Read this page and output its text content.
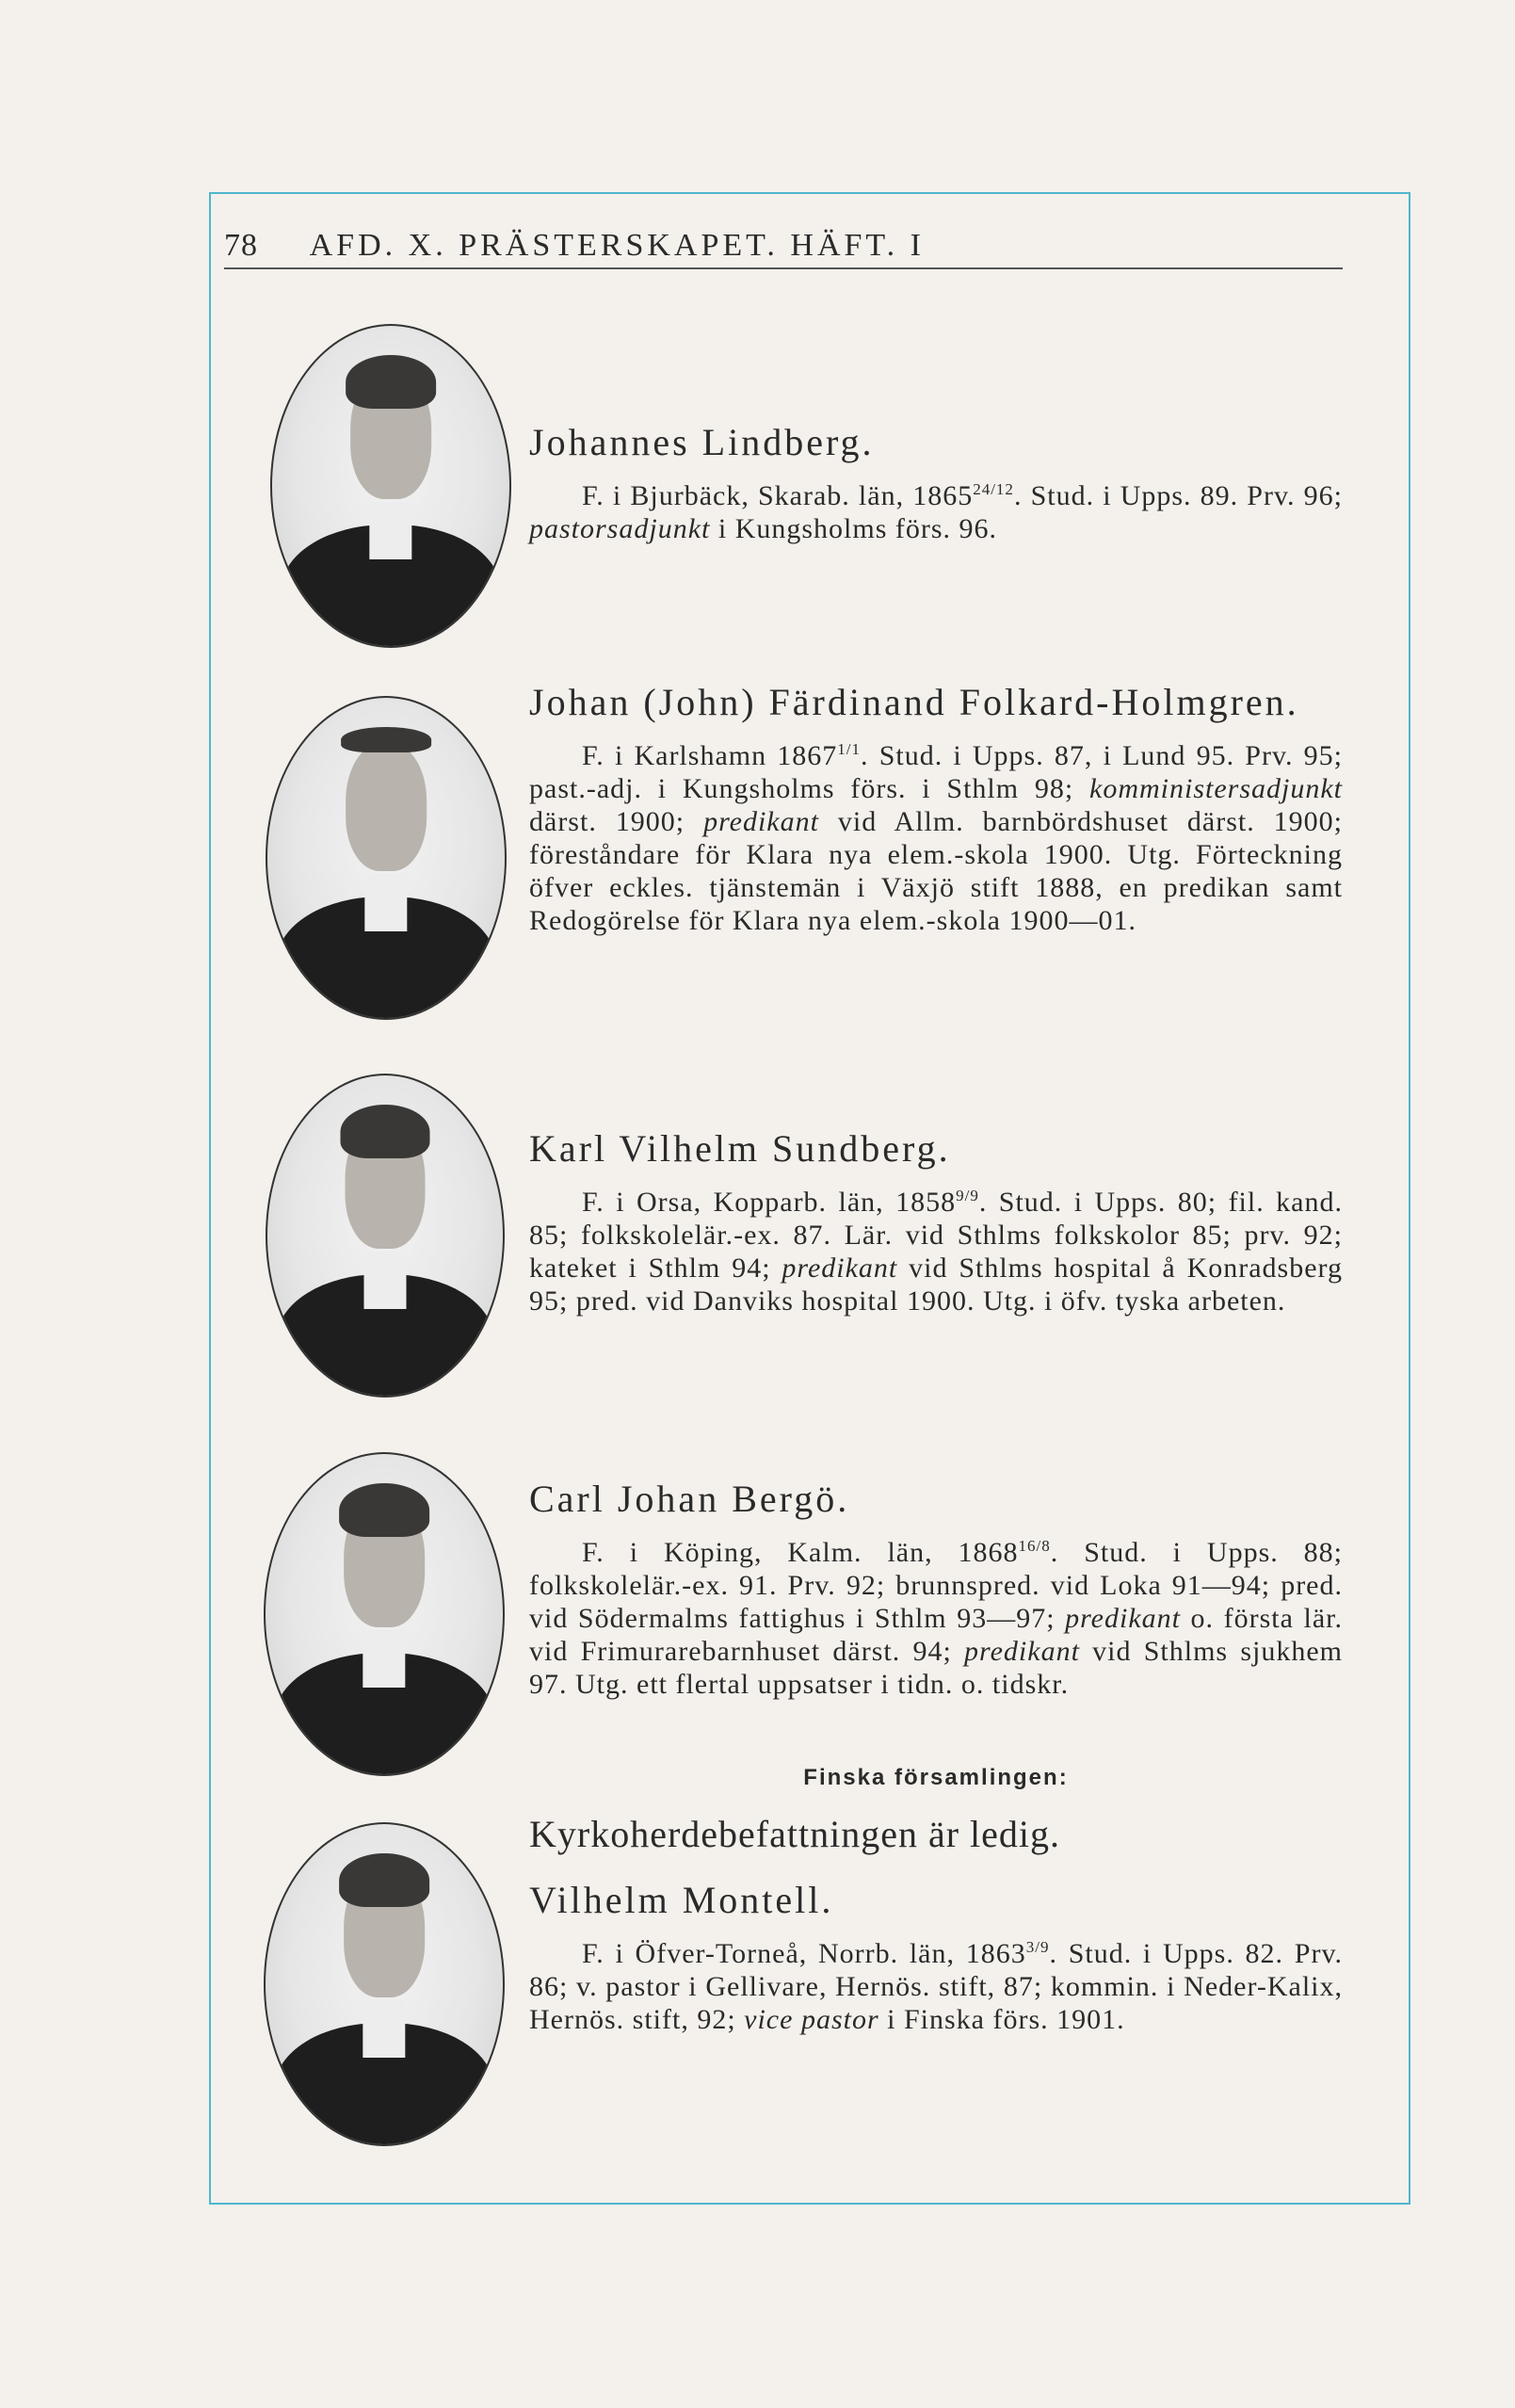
78 AFD. X. PRÄSTERSKAPET. HÄFT. I
Johannes Lindberg.

F. i Bjurbäck, Skarab. län, $1865^{24/12}$. Stud. i Upps. 89. Prv. 96; pastorsadjunkt i Kungsholms förs. 96.

Johan (John) Färdinand Folkard-Holmgren.

F. i Karlshamn $1867^{1/1}$. Stud. i Upps. 87, i Lund 95. Prv. 95; past.-adj. i Kungsholms förs. i Sthlm 98; komministersadjunkt därst. 1900; predikant vid Allm. barnbördshuset därst. 1900; föreståndare för Klara nya elem.-skola 1900. Utg. Förteckning öfver eckles. tjänstemän i Växjö stift 1888, en predikan samt Redogörelse för Klara nya elem.-skola 1900—01.

Karl Vilhelm Sundberg.

F. i Orsa, Kopparb. län, $1858^{9/9}$. Stud. i Upps. 80; fil. kand. 85; folkskolelär.-ex. 87. Lär. vid Sthlms folkskolor 85; prv. 92; kateket i Sthlm 94; predikant vid Sthlms hospital å Konradsberg 95; pred. vid Danviks hospital 1900. Utg. i öfv. tyska arbeten.

Carl Johan Bergö.

F. i Köping, Kalm. län, $1868^{16/8}$. Stud. i Upps. 88; folkskolelär.-ex. 91. Prv. 92; brunnspred. vid Loka 91—94; pred. vid Södermalms fattighus i Sthlm 93—97; predikant o. första lär. vid Frimurarebarnhuset därst. 94; predikant vid Sthlms sjukhem 97. Utg. ett flertal uppsatser i tidn. o. tidskr.

Finska församlingen:
Kyrkoherdebefattningen är ledig.
Vilhelm Montell.

F. i Öfver-Torneå, Norrb. län, $1863^{3/9}$. Stud. i Upps. 82. Prv. 86; v. pastor i Gellivare, Hernös. stift, 87; kommin. i Neder-Kalix, Hernös. stift, 92; vice pastor i Finska förs. 1901.
